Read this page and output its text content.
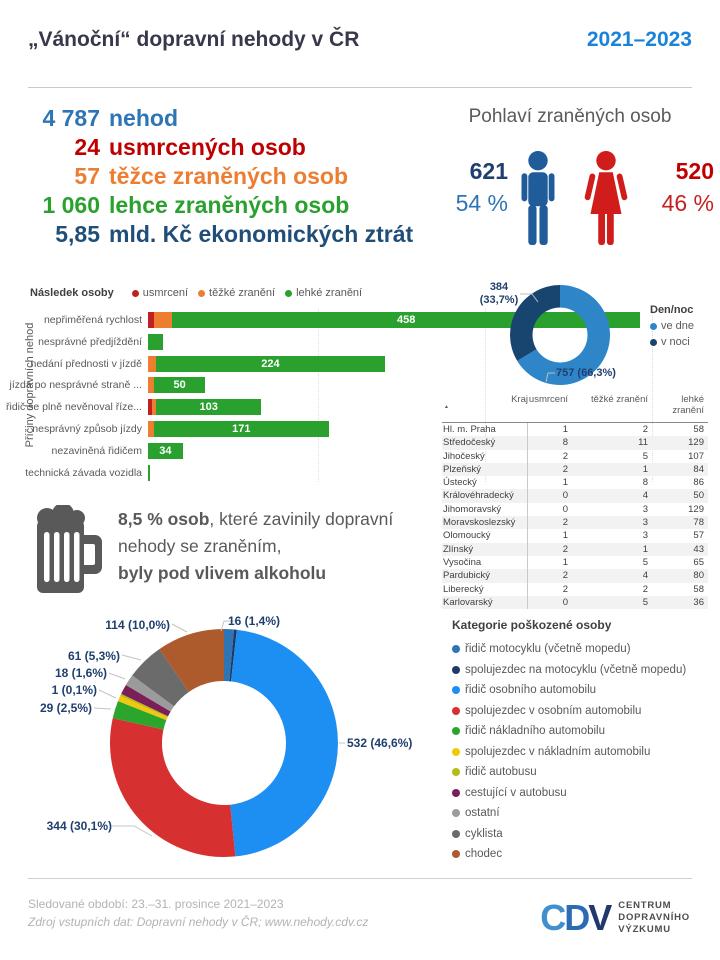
„Vánoční“ dopravní nehody v ČR	2021–2023
4 787 nehod
24 usmrcených osob
57 těžce zraněných osob
1 060 lehce zraněných osob
5,85 mld. Kč ekonomických ztrát
Pohlaví zraněných osob
621
54 %
520
46 %
Následek osoby	usmrcení těžké zranění lehké zranění
Příčiny dopravních nehod
nepřiměřená rychlost	458
nesprávné předjíždění
nedání přednosti v jízdě	224
jízda po nesprávné straně ...	50
řidič se plně nevěnoval říze...	103
nesprávný způsob jízdy	171
nezaviněná řidičem	34
technická závada vozidla
384
(33,7%)
757 (66,3%)
Den/noc
ve dne
v noci
▲
Kraj usmrcení	těžké zranění	lehké zranění
Hl. m. Praha	1	2	58
Středočeský	8	11	129
Jihočeský	2	5	107
Plzeňský	2	1	84
Ústecký	1	8	86
Královéhradecký	0	4	50
Jihomoravský	0	3	129
Moravskoslezský	2	3	78
Olomoucký	1	3	57
Zlínský	2	1	43
Vysočina	1	5	65
Pardubický	2	4	80
Liberecký	2	2	58
Karlovarský	0	5	36
8,5 % osob, které zavinily dopravní
nehody se zraněním,
byly pod vlivem alkoholu
16 (1,4%)
532 (46,6%)
344 (30,1%)
29 (2,5%)
1 (0,1%)
18 (1,6%)
61 (5,3%)
114 (10,0%)	Kategorie poškozené osoby
řidič motocyklu (včetně mopedu)
spolujezdec na motocyklu (včetně mopedu)
řidič osobního automobilu
spolujezdec v osobním automobilu
řidič nákladního automobilu
spolujezdec v nákladním automobilu
řidič autobusu
cestující v autobusu
ostatní
cyklista
chodec
Sledované období: 23.–31. prosince 2021–2023
Zdroj vstupních dat: Dopravní nehody v ČR; www.nehody.cdv.cz	CDV CENTRUM
DOPRAVNÍHO
VÝZKUMU
